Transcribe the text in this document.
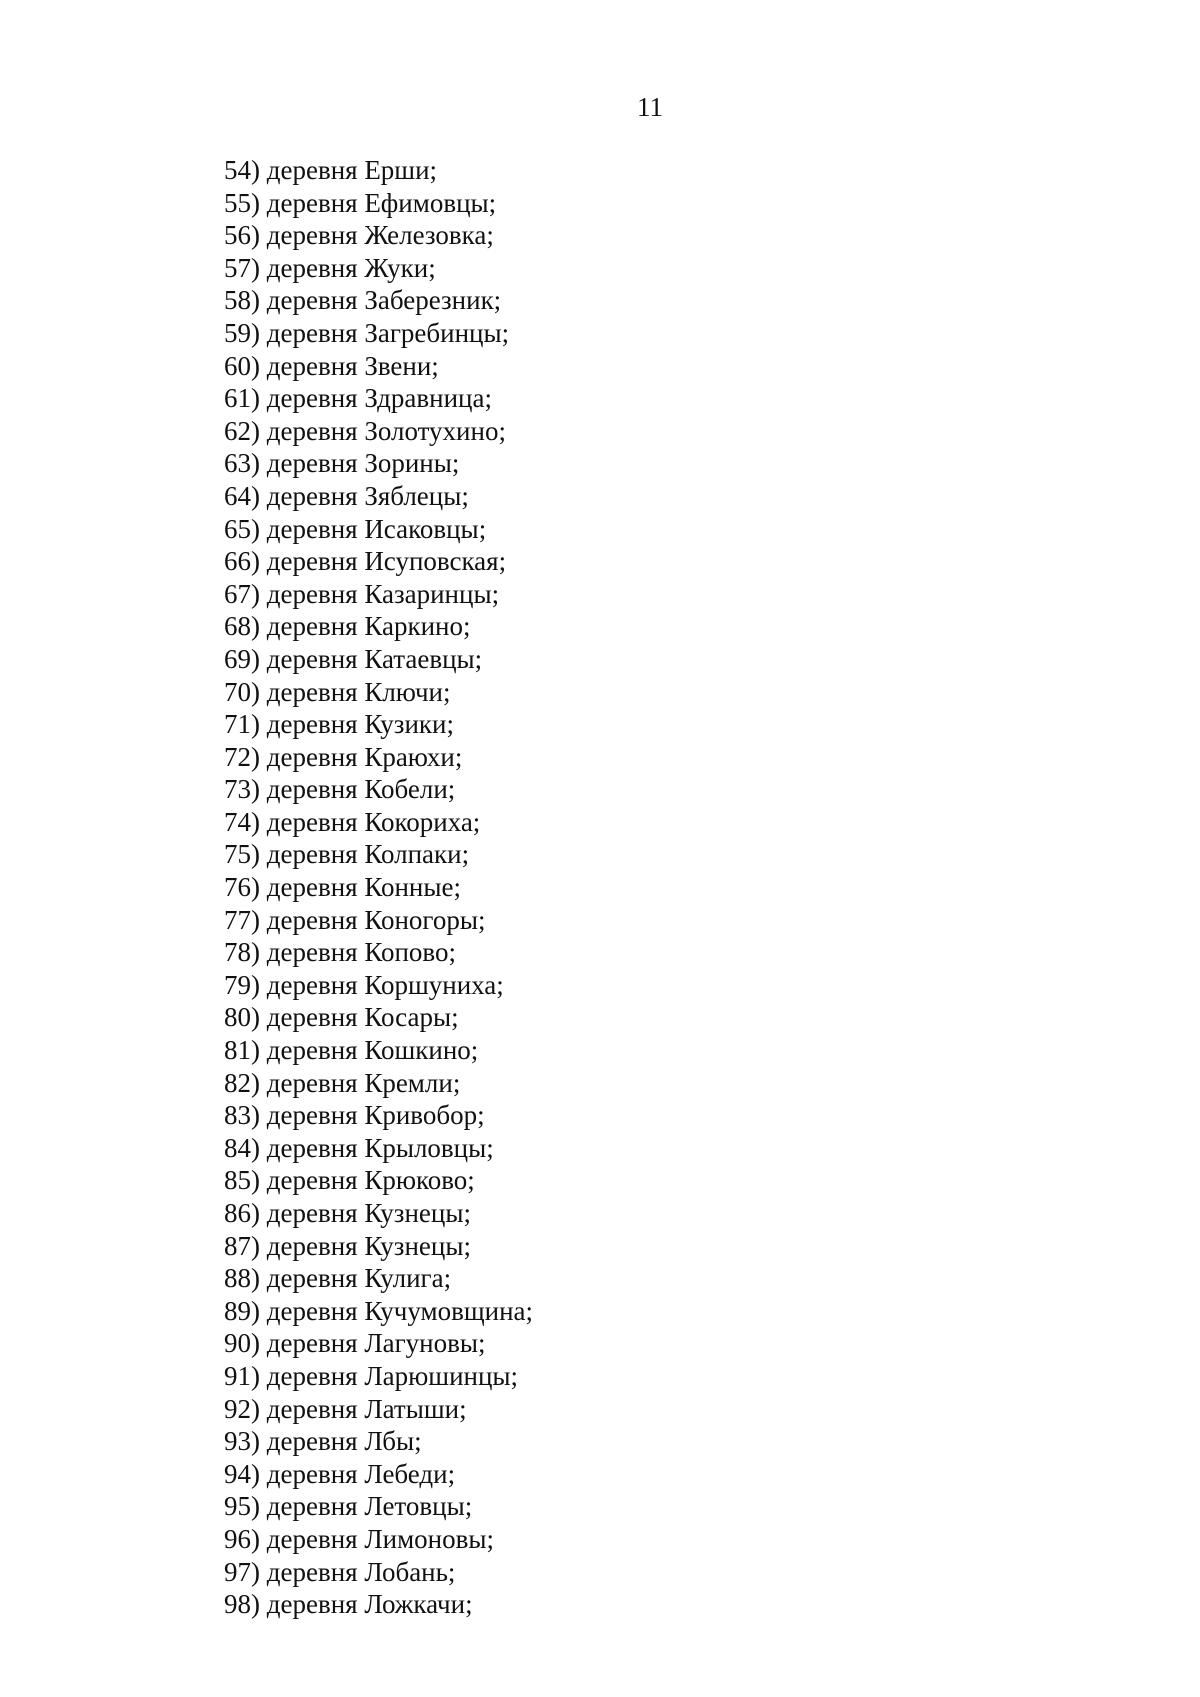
11
54) деревня Ерши;
55) деревня Ефимовцы;
56) деревня Железовка;
57) деревня Жуки;
58) деревня Заберезник;
59) деревня Загребинцы;
60) деревня Звени;
61) деревня Здравница;
62) деревня Золотухино;
63) деревня Зорины;
64) деревня Зяблецы;
65) деревня Исаковцы;
66) деревня Исуповская;
67) деревня Казаринцы;
68) деревня Каркино;
69) деревня Катаевцы;
70) деревня Ключи;
71) деревня Кузики;
72) деревня Краюхи;
73) деревня Кобели;
74) деревня Кокориха;
75) деревня Колпаки;
76) деревня Конные;
77) деревня Коногоры;
78) деревня Копово;
79) деревня Коршуниха;
80) деревня Косары;
81) деревня Кошкино;
82) деревня Кремли;
83) деревня Кривобор;
84) деревня Крыловцы;
85) деревня Крюково;
86) деревня Кузнецы;
87) деревня Кузнецы;
88) деревня Кулига;
89) деревня Кучумовщина;
90) деревня Лагуновы;
91) деревня Ларюшинцы;
92) деревня Латыши;
93) деревня Лбы;
94) деревня Лебеди;
95) деревня Летовцы;
96) деревня Лимоновы;
97) деревня Лобань;
98) деревня Ложкачи;
